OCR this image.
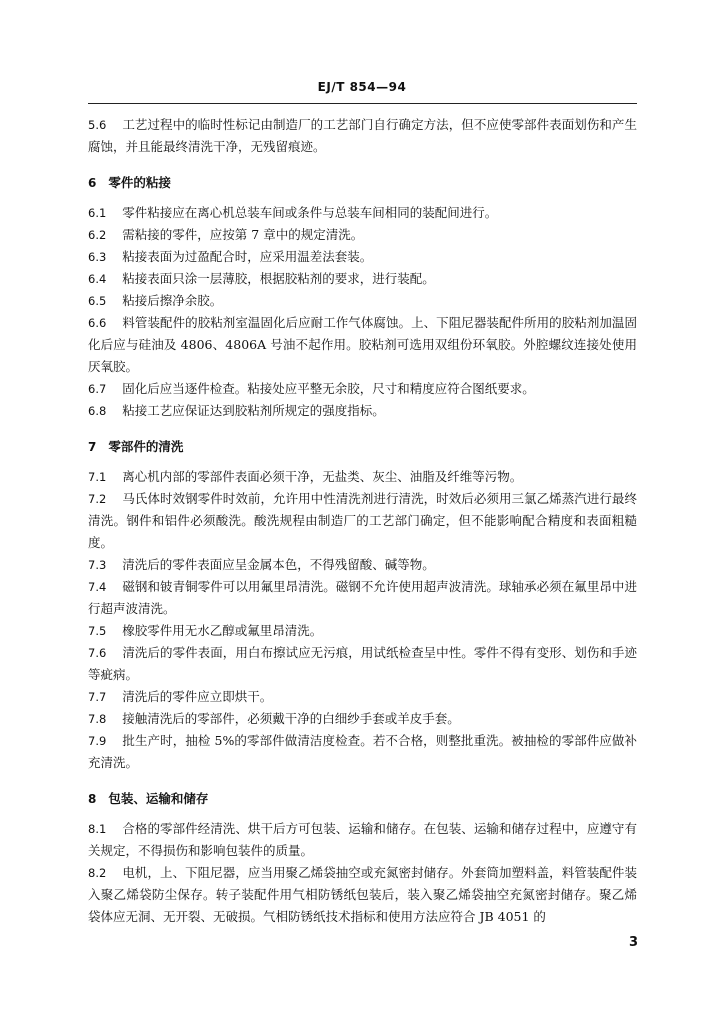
EJ/T 854—94

5.6 工艺过程中的临时性标记由制造厂的工艺部门自行确定方法，但不应使零部件表面划伤和产生腐蚀，并且能最终清洗干净，无残留痕迹。

6 零件的粘接

6.1 零件粘接应在离心机总装车间或条件与总装车间相同的装配间进行。

6.2 需粘接的零件，应按第 7 章中的规定清洗。

6.3 粘接表面为过盈配合时，应采用温差法套装。

6.4 粘接表面只涂一层薄胶，根据胶粘剂的要求，进行装配。

6.5 粘接后擦净余胶。

6.6 料管装配件的胶粘剂室温固化后应耐工作气体腐蚀。上、下阻尼器装配件所用的胶粘剂加温固化后应与硅油及 4806、4806A 号油不起作用。胶粘剂可选用双组份环氧胶。外腔螺纹连接处使用厌氧胶。

6.7 固化后应当逐件检查。粘接处应平整无余胶，尺寸和精度应符合图纸要求。

6.8 粘接工艺应保证达到胶粘剂所规定的强度指标。

7 零部件的清洗

7.1 离心机内部的零部件表面必须干净，无盐类、灰尘、油脂及纤维等污物。

7.2 马氏体时效钢零件时效前，允许用中性清洗剂进行清洗，时效后必须用三氯乙烯蒸汽进行最终清洗。钢件和铝件必须酸洗。酸洗规程由制造厂的工艺部门确定，但不能影响配合精度和表面粗糙度。

7.3 清洗后的零件表面应呈金属本色，不得残留酸、碱等物。

7.4 磁钢和铍青铜零件可以用氟里昂清洗。磁钢不允许使用超声波清洗。球轴承必须在氟里昂中进行超声波清洗。

7.5 橡胶零件用无水乙醇或氟里昂清洗。

7.6 清洗后的零件表面，用白布擦试应无污痕，用试纸检查呈中性。零件不得有变形、划伤和手迹等疵病。

7.7 清洗后的零件应立即烘干。

7.8 接触清洗后的零部件，必须戴干净的白细纱手套或羊皮手套。

7.9 批生产时，抽检 5%的零部件做清洁度检查。若不合格，则整批重洗。被抽检的零部件应做补充清洗。

8 包装、运输和储存

8.1 合格的零部件经清洗、烘干后方可包装、运输和储存。在包装、运输和储存过程中，应遵守有关规定，不得损伤和影响包装件的质量。

8.2 电机，上、下阻尼器，应当用聚乙烯袋抽空或充氮密封储存。外套筒加塑料盖，料管装配件装入聚乙烯袋防尘保存。转子装配件用气相防锈纸包装后，装入聚乙烯袋抽空充氮密封储存。聚乙烯袋体应无洞、无开裂、无破损。气相防锈纸技术指标和使用方法应符合 JB 4051 的

3
